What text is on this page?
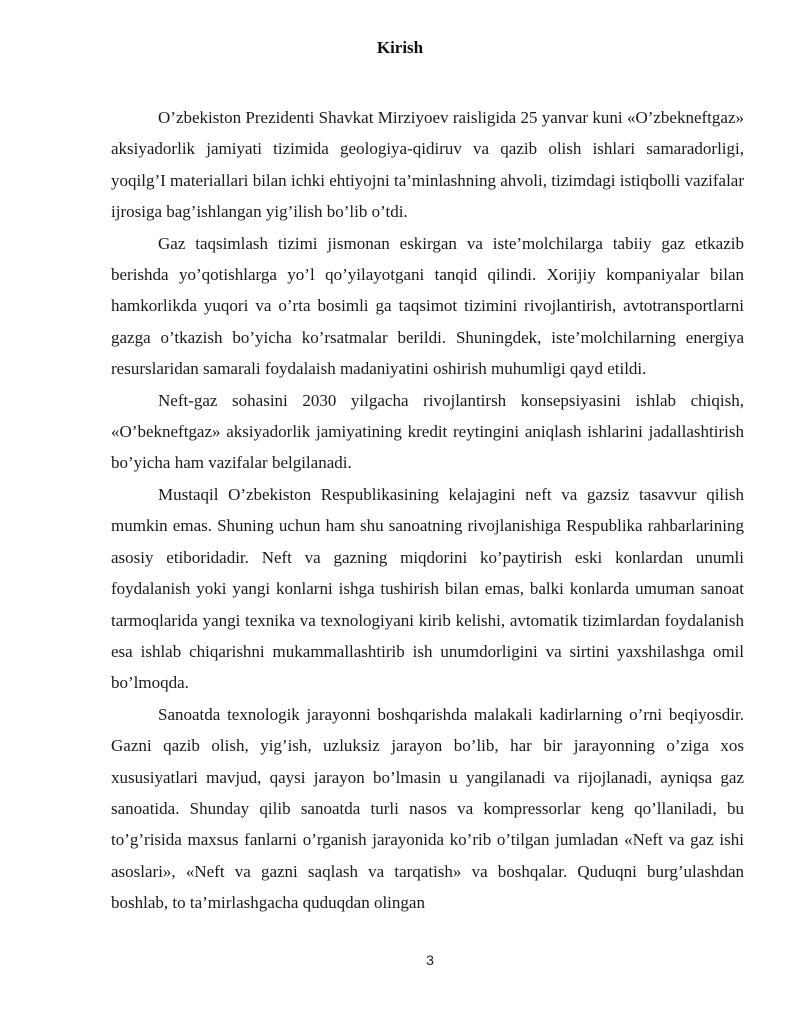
Kirish

O’zbekiston Prezidenti Shavkat Mirziyoev raisligida 25 yanvar kuni «O’zbekneftgaz» aksiyadorlik jamiyati tizimida geologiya-qidiruv va qazib olish ishlari samaradorligi, yoqilg’I materiallari bilan ichki ehtiyojni ta’minlashning ahvoli, tizimdagi istiqbolli vazifalar ijrosiga bag’ishlangan yig’ilish bo’lib o’tdi.

Gaz taqsimlash tizimi jismonan eskirgan va iste’molchilarga tabiiy gaz etkazib berishda yo’qotishlarga yo’l qo’yilayotgani tanqid qilindi. Xorijiy kompaniyalar bilan hamkorlikda yuqori va o’rta bosimli ga taqsimot tizimini rivojlantirish, avtotransportlarni gazga o’tkazish bo’yicha ko’rsatmalar berildi. Shuningdek, iste’molchilarning energiya resurslaridan samarali foydalaish madaniyatini oshirish muhumligi qayd etildi.

Neft-gaz sohasini 2030 yilgacha rivojlantirsh konsepsiyasini ishlab chiqish, «O’bekneftgaz» aksiyadorlik jamiyatining kredit reytingini aniqlash ishlarini jadallashtirish bo’yicha ham vazifalar belgilanadi.

Mustaqil O’zbekiston Respublikasining kelajagini neft va gazsiz tasavvur qilish mumkin emas. Shuning uchun ham shu sanoatning rivojlanishiga Respublika rahbarlarining asosiy etiboridadir. Neft va gazning miqdorini ko’paytirish eski konlardan unumli foydalanish yoki yangi konlarni ishga tushirish bilan emas, balki konlarda umuman sanoat tarmoqlarida yangi texnika va texnologiyani kirib kelishi, avtomatik tizimlardan foydalanish esa ishlab chiqarishni mukammallashtirib ish unumdorligini va sirtini yaxshilashga omil bo’lmoqda.

Sanoatda texnologik jarayonni boshqarishda malakali kadirlarning o’rni beqiyosdir. Gazni qazib olish, yig’ish, uzluksiz jarayon bo’lib, har bir jarayonning o’ziga xos xususiyatlari mavjud, qaysi jarayon bo’lmasin u yangilanadi va rijojlanadi, ayniqsa gaz sanoatida. Shunday qilib sanoatda turli nasos va kompressorlar keng qo’llaniladi, bu to’g’risida maxsus fanlarni o’rganish jarayonida ko’rib o’tilgan jumladan «Neft va gaz ishi asoslari», «Neft va gazni saqlash va tarqatish» va boshqalar. Quduqni burg’ulashdan boshlab, to ta’mirlashgacha quduqdan olingan

3
